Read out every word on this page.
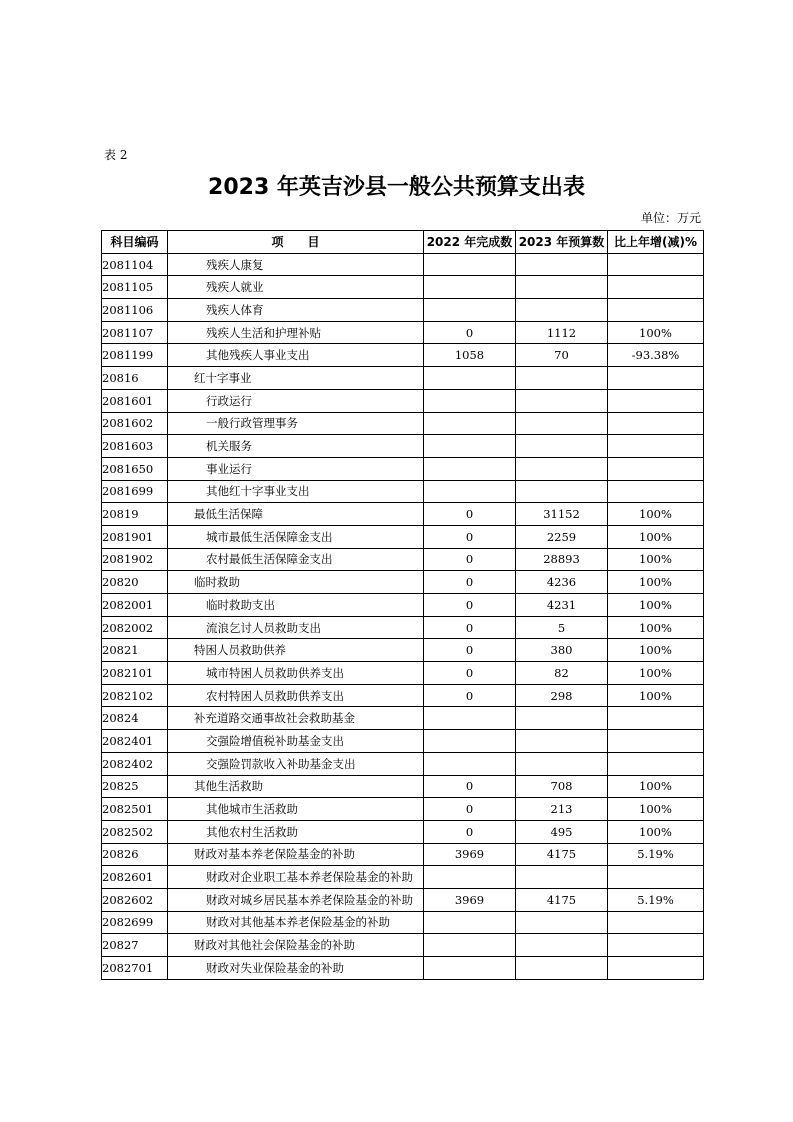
表 2
2023 年英吉沙县一般公共预算支出表
单位：万元
科目编码	项　　目	2022 年完成数	2023 年预算数	比上年增(减)%
2081104	残疾人康复			
2081105	残疾人就业			
2081106	残疾人体育			
2081107	残疾人生活和护理补贴	0	1112	100%
2081199	其他残疾人事业支出	1058	70	-93.38%
20816	红十字事业			
2081601	行政运行			
2081602	一般行政管理事务			
2081603	机关服务			
2081650	事业运行			
2081699	其他红十字事业支出			
20819	最低生活保障	0	31152	100%
2081901	城市最低生活保障金支出	0	2259	100%
2081902	农村最低生活保障金支出	0	28893	100%
20820	临时救助	0	4236	100%
2082001	临时救助支出	0	4231	100%
2082002	流浪乞讨人员救助支出	0	5	100%
20821	特困人员救助供养	0	380	100%
2082101	城市特困人员救助供养支出	0	82	100%
2082102	农村特困人员救助供养支出	0	298	100%
20824	补充道路交通事故社会救助基金			
2082401	交强险增值税补助基金支出			
2082402	交强险罚款收入补助基金支出			
20825	其他生活救助	0	708	100%
2082501	其他城市生活救助	0	213	100%
2082502	其他农村生活救助	0	495	100%
20826	财政对基本养老保险基金的补助	3969	4175	5.19%
2082601	财政对企业职工基本养老保险基金的补助			
2082602	财政对城乡居民基本养老保险基金的补助	3969	4175	5.19%
2082699	财政对其他基本养老保险基金的补助			
20827	财政对其他社会保险基金的补助			
2082701	财政对失业保险基金的补助			
